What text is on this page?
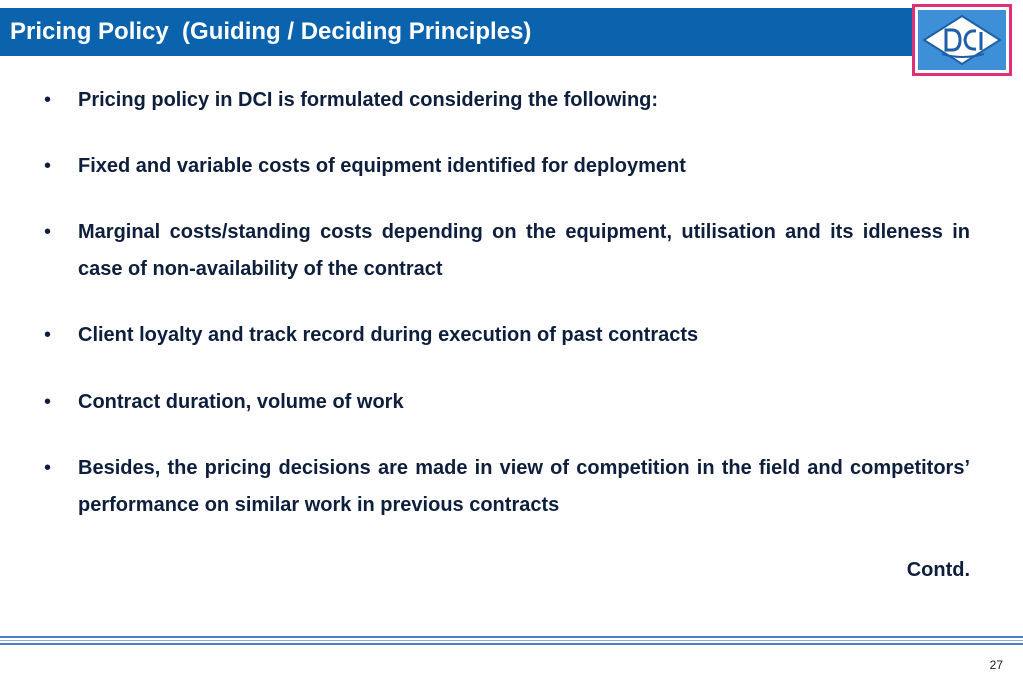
Pricing Policy  (Guiding / Deciding Principles)
• Pricing policy in DCI is formulated considering the following:
• Fixed and variable costs of equipment identified for deployment
• Marginal costs/standing costs depending on the equipment, utilisation and its idleness in case of non-availability of the contract
• Client loyalty and track record during execution of past contracts
• Contract duration, volume of work
• Besides, the pricing decisions are made in view of competition in the field and competitors’ performance on similar work in previous contracts
Contd.
27
